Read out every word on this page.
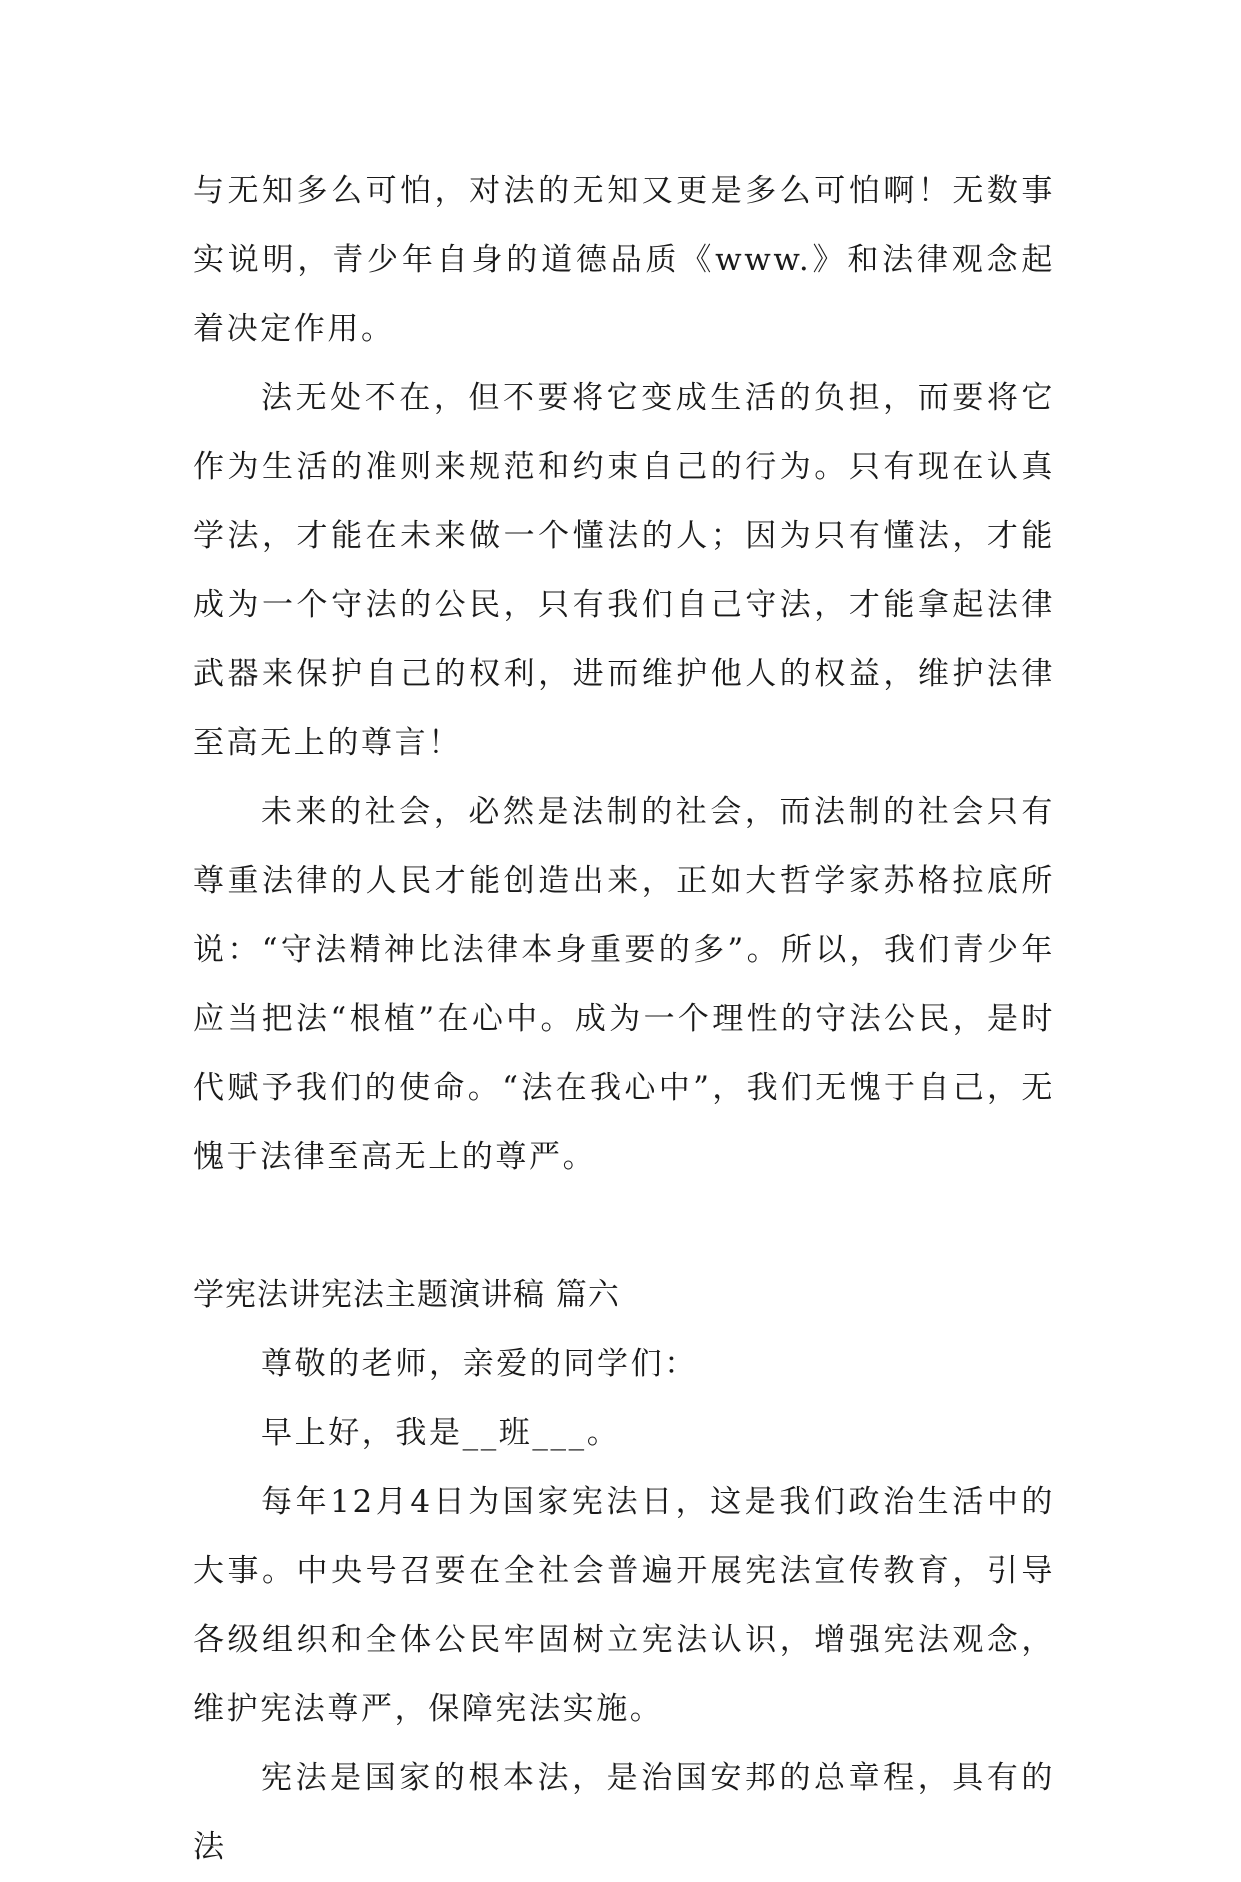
与无知多么可怕，对法的无知又更是多么可怕啊！无数事实说明，青少年自身的道德品质《www.》和法律观念起着决定作用。

法无处不在，但不要将它变成生活的负担，而要将它作为生活的准则来规范和约束自己的行为。只有现在认真学法，才能在未来做一个懂法的人；因为只有懂法，才能成为一个守法的公民，只有我们自己守法，才能拿起法律武器来保护自己的权利，进而维护他人的权益，维护法律至高无上的尊言！

未来的社会，必然是法制的社会，而法制的社会只有尊重法律的人民才能创造出来，正如大哲学家苏格拉底所说：“守法精神比法律本身重要的多”。所以，我们青少年应当把法“根植”在心中。成为一个理性的守法公民，是时代赋予我们的使命。“法在我心中”，我们无愧于自己，无愧于法律至高无上的尊严。

学宪法讲宪法主题演讲稿 篇六

尊敬的老师，亲爱的同学们：

早上好，我是__班___。

每年12月4日为国家宪法日，这是我们政治生活中的大事。中央号召要在全社会普遍开展宪法宣传教育，引导各级组织和全体公民牢固树立宪法认识，增强宪法观念，维护宪法尊严，保障宪法实施。

宪法是国家的根本法，是治国安邦的总章程，具有的法
